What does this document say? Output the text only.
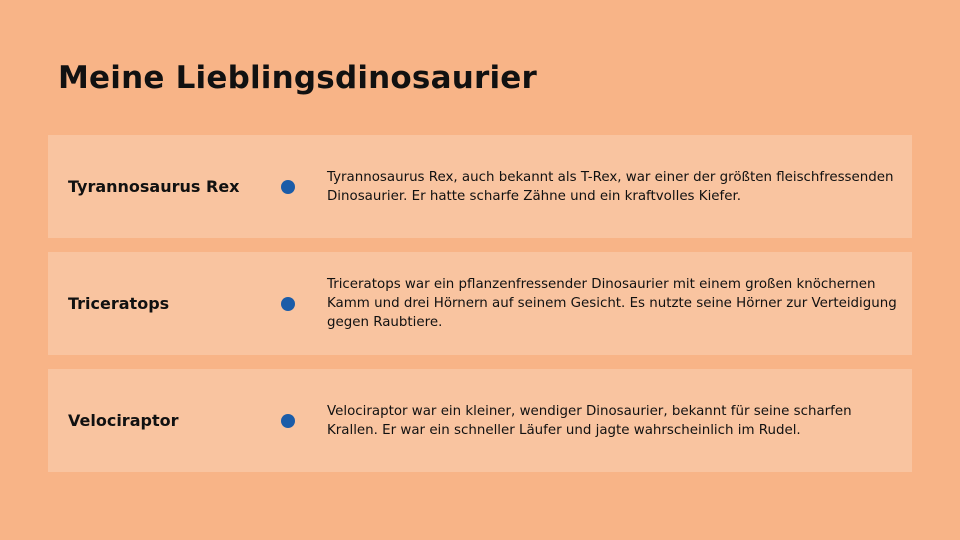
Meine Lieblingsdinosaurier
Tyrannosaurus Rex	Tyrannosaurus Rex, auch bekannt als T-Rex, war einer der größten fleischfressenden Dinosaurier. Er hatte scharfe Zähne und ein kraftvolles Kiefer.
Triceratops
Triceratops war ein pflanzenfressender Dinosaurier mit einem großen knöchernen Kamm und drei Hörnern auf seinem Gesicht. Es nutzte seine Hörner zur Verteidigung gegen Raubtiere.
Velociraptor	Velociraptor war ein kleiner, wendiger Dinosaurier, bekannt für seine scharfen Krallen. Er war ein schneller Läufer und jagte wahrscheinlich im Rudel.
